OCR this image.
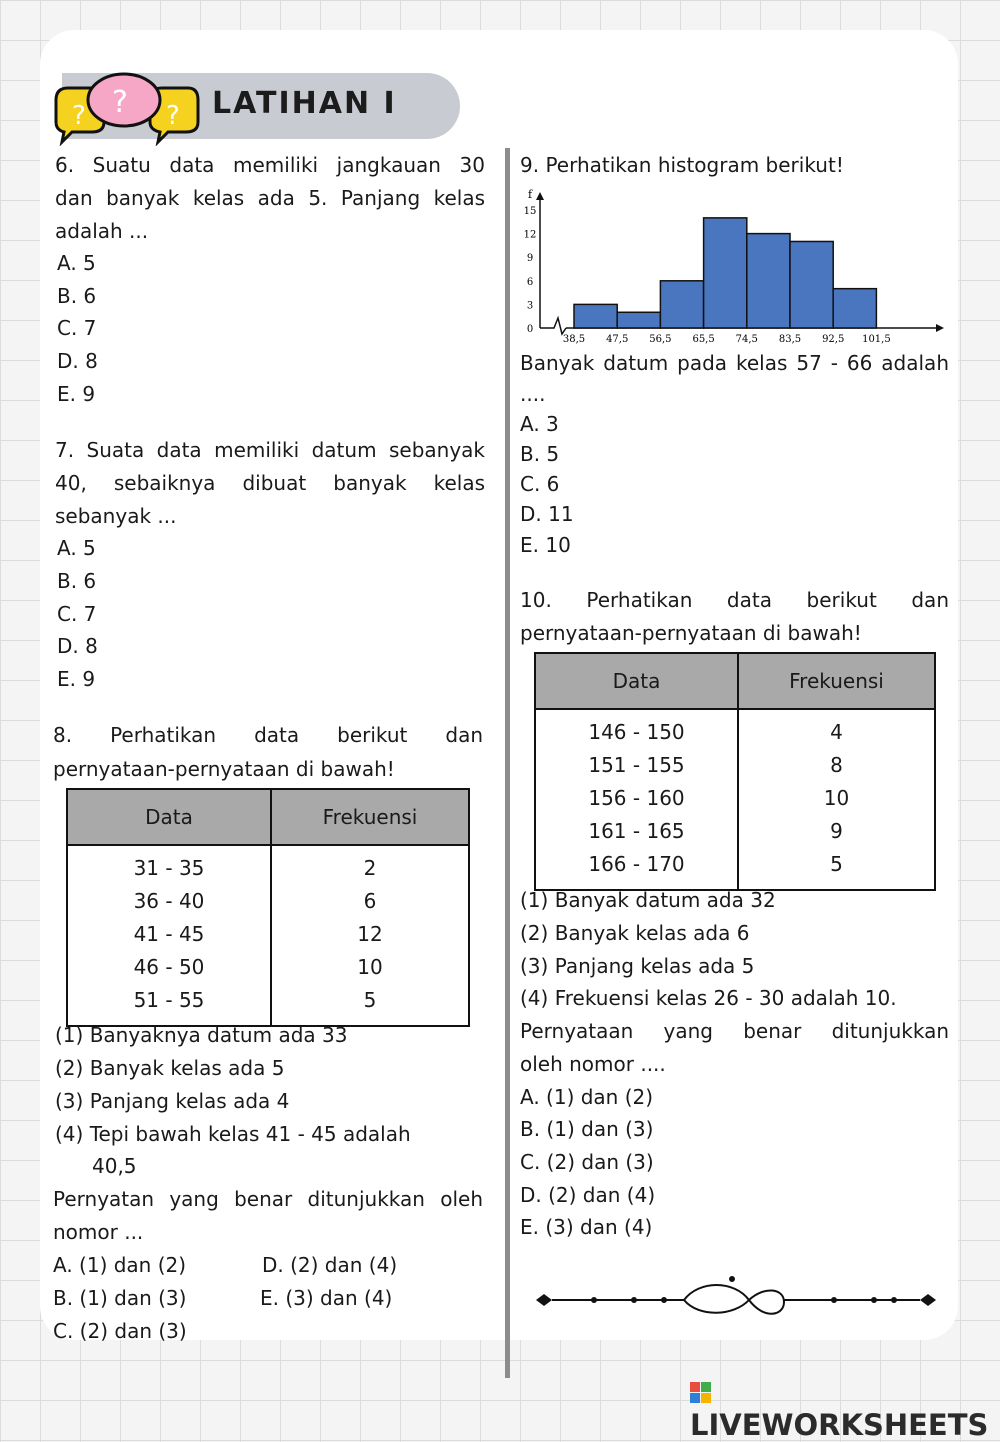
? ? ? LATIHAN I
6. Suatu data memiliki jangkauan 30
dan banyak kelas ada 5. Panjang kelas
adalah ...
A. 5
B. 6
C. 7
D. 8
E. 9
7. Suata data memiliki datum sebanyak
40, sebaiknya dibuat banyak kelas
sebanyak ...
A. 5
B. 6
C. 7
D. 8
E. 9
8. Perhatikan data berikut dan
pernyataan-pernyataan di bawah!
Data	Frekuensi
31 - 35	2
36 - 40	6
41 - 45	12
46 - 50	10
51 - 55	5
(1) Banyaknya datum ada 33
(2) Banyak kelas ada 5
(3) Panjang kelas ada 4
(4) Tepi bawah kelas 41 - 45 adalah
40,5
Pernyatan yang benar ditunjukkan oleh
nomor ...
A. (1) dan (2)	D. (2) dan (4)
B. (1) dan (3)	E. (3) dan (4)
C. (2) dan (3)
9. Perhatikan histogram berikut!
f
0
3
6
9
12
15
38,5 47,5 56,5 65,5 74,5 83,5 92,5 101,5
Banyak datum pada kelas 57 - 66 adalah
....
A. 3
B. 5
C. 6
D. 11
E. 10
10. Perhatikan data berikut dan
pernyataan-pernyataan di bawah!
Data	Frekuensi
146 - 150	4
151 - 155	8
156 - 160	10
161 - 165	9
166 - 170	5
(1) Banyak datum ada 32
(2) Banyak kelas ada 6
(3) Panjang kelas ada 5
(4) Frekuensi kelas 26 - 30 adalah 10.
Pernyataan yang benar ditunjukkan
oleh nomor ....
A. (1) dan (2)
B. (1) dan (3)
C. (2) dan (3)
D. (2) dan (4)
E. (3) dan (4)
LIVEWORKSHEETS
